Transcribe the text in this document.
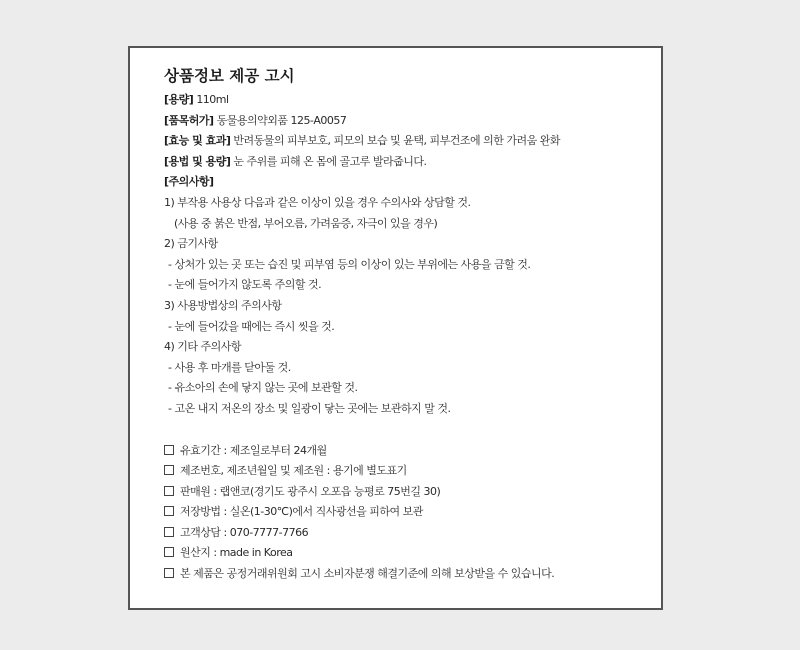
상품정보 제공 고시
[용량] 110ml
[품목허가] 동물용의약외품 125-A0057
[효능 및 효과] 반려동물의 피부보호, 피모의 보습 및 윤택, 피부건조에 의한 가려움 완화
[용법 및 용량] 눈 주위를 피해 온 몸에 골고루 발라줍니다.
[주의사항]
1) 부작용 사용상 다음과 같은 이상이 있을 경우 수의사와 상담할 것.
(사용 중 붉은 반점, 부어오름, 가려움증, 자극이 있을 경우)
2) 금기사항
- 상처가 있는 곳 또는 습진 및 피부염 등의 이상이 있는 부위에는 사용을 금할 것.
- 눈에 들어가지 않도록 주의할 것.
3) 사용방법상의 주의사항
- 눈에 들어갔을 때에는 즉시 씻을 것.
4) 기타 주의사항
- 사용 후 마개를 닫아둘 것.
- 유소아의 손에 닿지 않는 곳에 보관할 것.
- 고온 내지 저온의 장소 및 일광이 닿는 곳에는 보관하지 말 것.
유효기간 : 제조일로부터 24개월
제조번호, 제조년월일 및 제조원 : 용기에 별도표기
판매원 : 랩앤코(경기도 광주시 오포읍 능평로 75번길 30)
저장방법 : 실온(1-30℃)에서 직사광선을 피하여 보관
고객상담 : 070-7777-7766
원산지 : made in Korea
본 제품은 공정거래위원회 고시 소비자분쟁 해결기준에 의해 보상받을 수 있습니다.
